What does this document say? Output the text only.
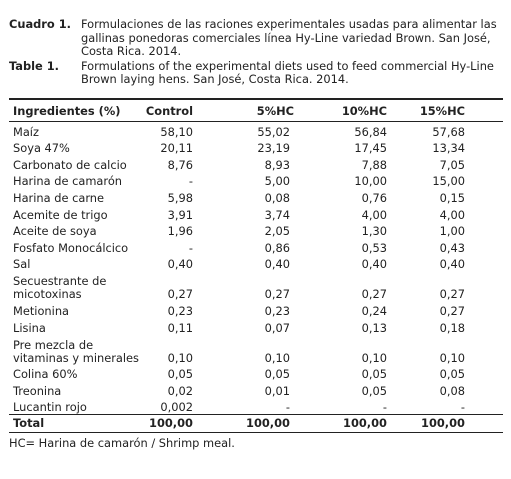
Cuadro 1. Formulaciones de las raciones experimentales usadas para alimentar las gallinas ponedoras comerciales línea Hy-Line variedad Brown. San José, Costa Rica. 2014.
Table 1.	Formulations of the experimental diets used to feed commercial Hy-Line Brown laying hens. San José, Costa Rica. 2014.
Ingredientes (%)	Control	5%HC	10%HC	15%HC
Maíz	58,10	55,02	56,84	57,68
Soya 47%	20,11	23,19	17,45	13,34
Carbonato de calcio	8,76	8,93	7,88	7,05
Harina de camarón	-	5,00	10,00	15,00
Harina de carne	5,98	0,08	0,76	0,15
Acemite de trigo	3,91	3,74	4,00	4,00
Aceite de soya	1,96	2,05	1,30	1,00
Fosfato Monocálcico	-	0,86	0,53	0,43
Sal	0,40	0,40	0,40	0,40
Secuestrante de micotoxinas	0,27	0,27	0,27	0,27
Metionina	0,23	0,23	0,24	0,27
Lisina	0,11	0,07	0,13	0,18
Pre mezcla de vitaminas y minerales	0,10	0,10	0,10	0,10
Colina 60%	0,05	0,05	0,05	0,05
Treonina	0,02	0,01	0,05	0,08
Lucantin rojo	0,002	-	-	-
Total	100,00	100,00	100,00	100,00
HC= Harina de camarón / Shrimp meal.
